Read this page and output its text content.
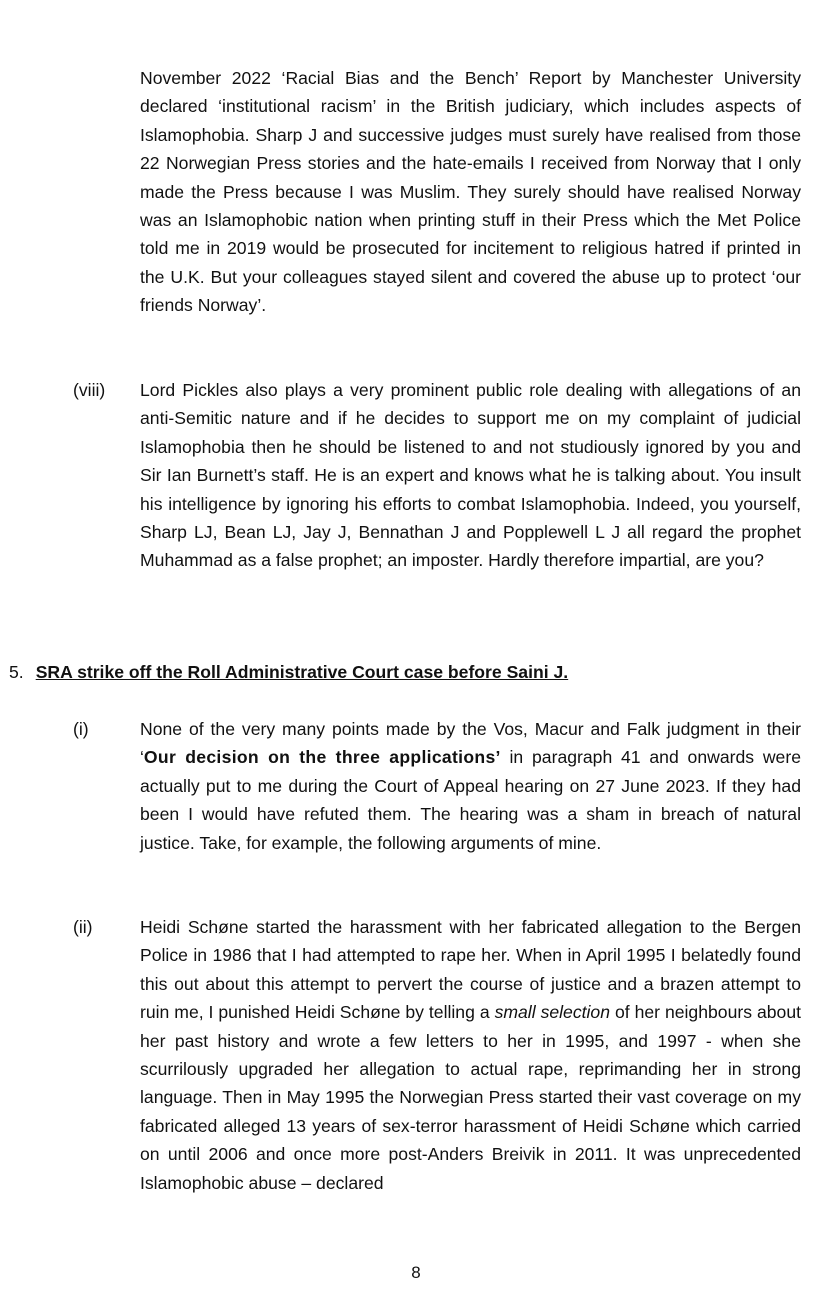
November 2022 ‘Racial Bias and the Bench’ Report by Manchester University declared ‘institutional racism’ in the British judiciary, which includes aspects of Islamophobia. Sharp J and successive judges must surely have realised from those 22 Norwegian Press stories and the hate-emails I received from Norway that I only made the Press because I was Muslim. They surely should have realised Norway was an Islamophobic nation when printing stuff in their Press which the Met Police told me in 2019 would be prosecuted for incitement to religious hatred if printed in the U.K. But your colleagues stayed silent and covered the abuse up to protect ‘our friends Norway’.

(viii) Lord Pickles also plays a very prominent public role dealing with allegations of an anti-Semitic nature and if he decides to support me on my complaint of judicial Islamophobia then he should be listened to and not studiously ignored by you and Sir Ian Burnett’s staff. He is an expert and knows what he is talking about. You insult his intelligence by ignoring his efforts to combat Islamophobia. Indeed, you yourself, Sharp LJ, Bean LJ, Jay J, Bennathan J and Popplewell L J all regard the prophet Muhammad as a false prophet; an imposter. Hardly therefore impartial, are you?

5. SRA strike off the Roll Administrative Court case before Saini J.
(i)	None of the very many points made by the Vos, Macur and Falk judgment in their ‘Our decision on the three applications’ in paragraph 41 and onwards were actually put to me during the Court of Appeal hearing on 27 June 2023. If they had been I would have refuted them. The hearing was a sham in breach of natural justice. Take, for example, the following arguments of mine.

(ii)	Heidi Schøne started the harassment with her fabricated allegation to the Bergen Police in 1986 that I had attempted to rape her. When in April 1995 I belatedly found this out about this attempt to pervert the course of justice and a brazen attempt to ruin me, I punished Heidi Schøne by telling a small selection of her neighbours about her past history and wrote a few letters to her in 1995, and 1997 - when she scurrilously upgraded her allegation to actual rape, reprimanding her in strong language. Then in May 1995 the Norwegian Press started their vast coverage on my fabricated alleged 13 years of sex-terror harassment of Heidi Schøne which carried on until 2006 and once more post-Anders Breivik in 2011. It was unprecedented Islamophobic abuse – declared

8
